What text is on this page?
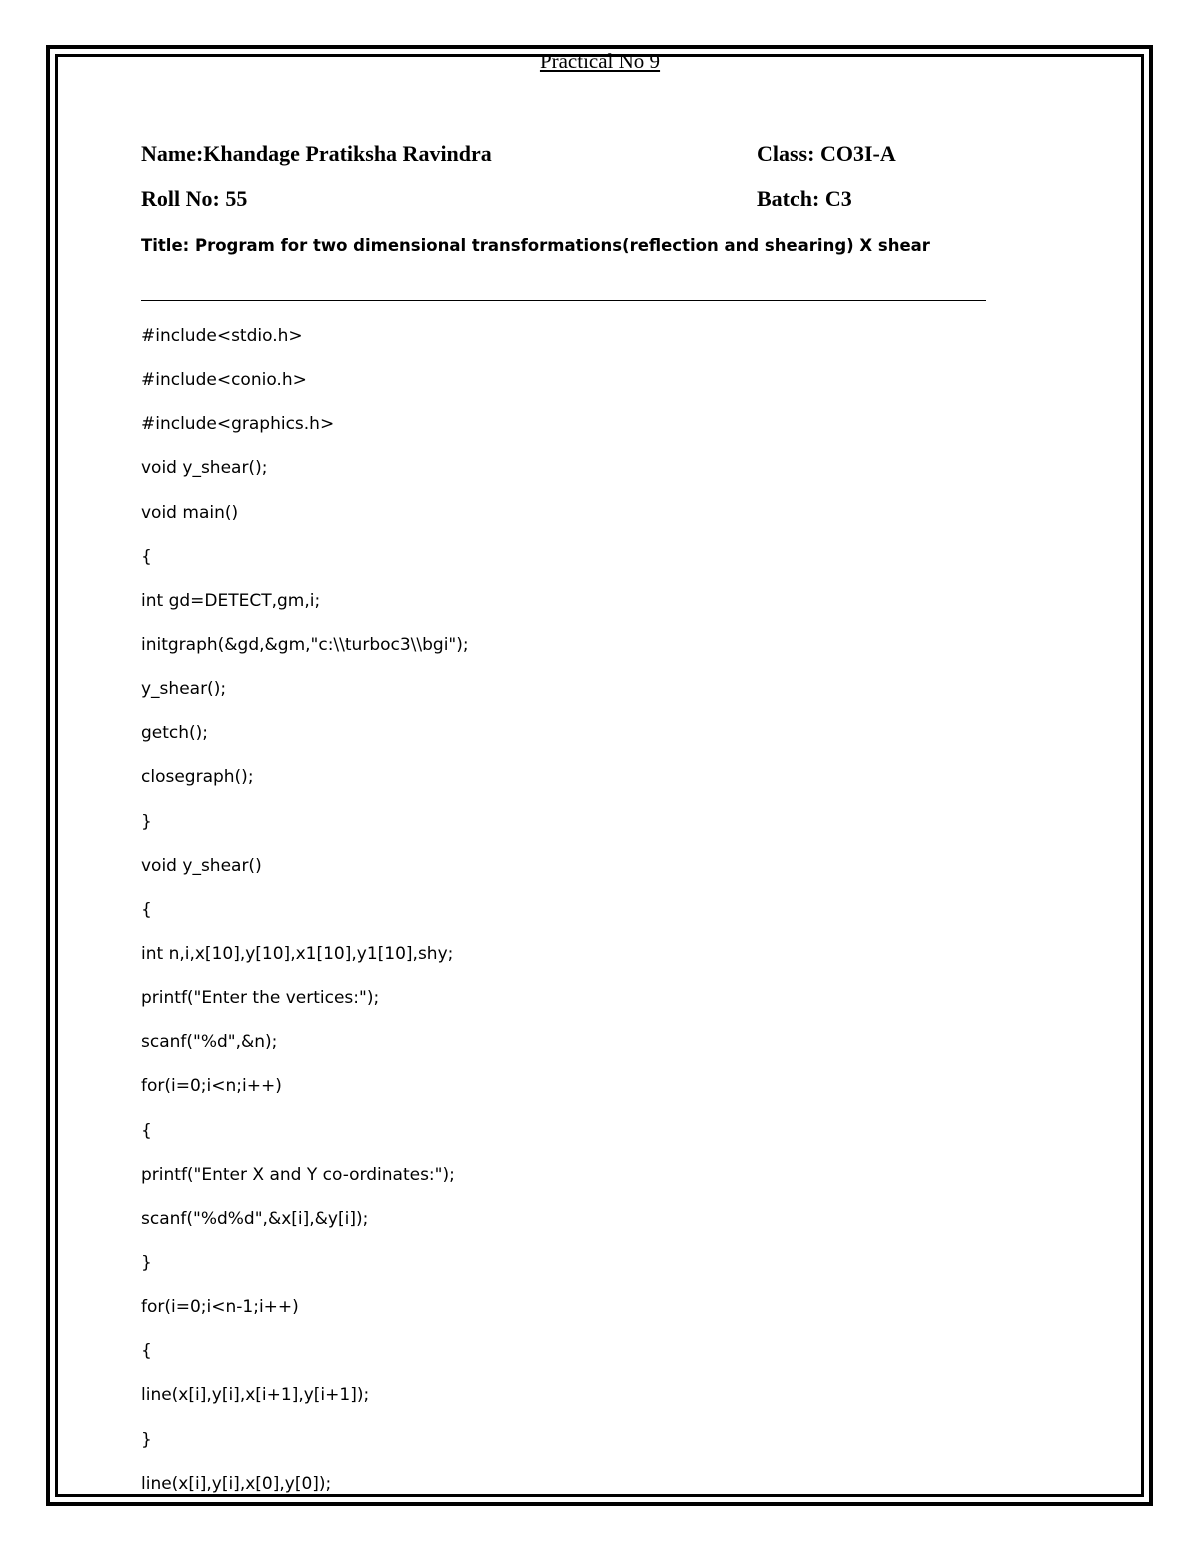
Practical No 9
Name:Khandage Pratiksha Ravindra	Class: CO3I-A
Roll No: 55	Batch: C3
Title: Program for two dimensional transformations(reflection and shearing) X shear
#include<stdio.h>
#include<conio.h>
#include<graphics.h>
void y_shear();
void main()
{
int gd=DETECT,gm,i;
initgraph(&gd,&gm,"c:\\turboc3\\bgi");
y_shear();
getch();
closegraph();
}
void y_shear()
{
int n,i,x[10],y[10],x1[10],y1[10],shy;
printf("Enter the vertices:");
scanf("%d",&n);
for(i=0;i<n;i++)
{
printf("Enter X and Y co-ordinates:");
scanf("%d%d",&x[i],&y[i]);
}
for(i=0;i<n-1;i++)
{
line(x[i],y[i],x[i+1],y[i+1]);
}
line(x[i],y[i],x[0],y[0]);
